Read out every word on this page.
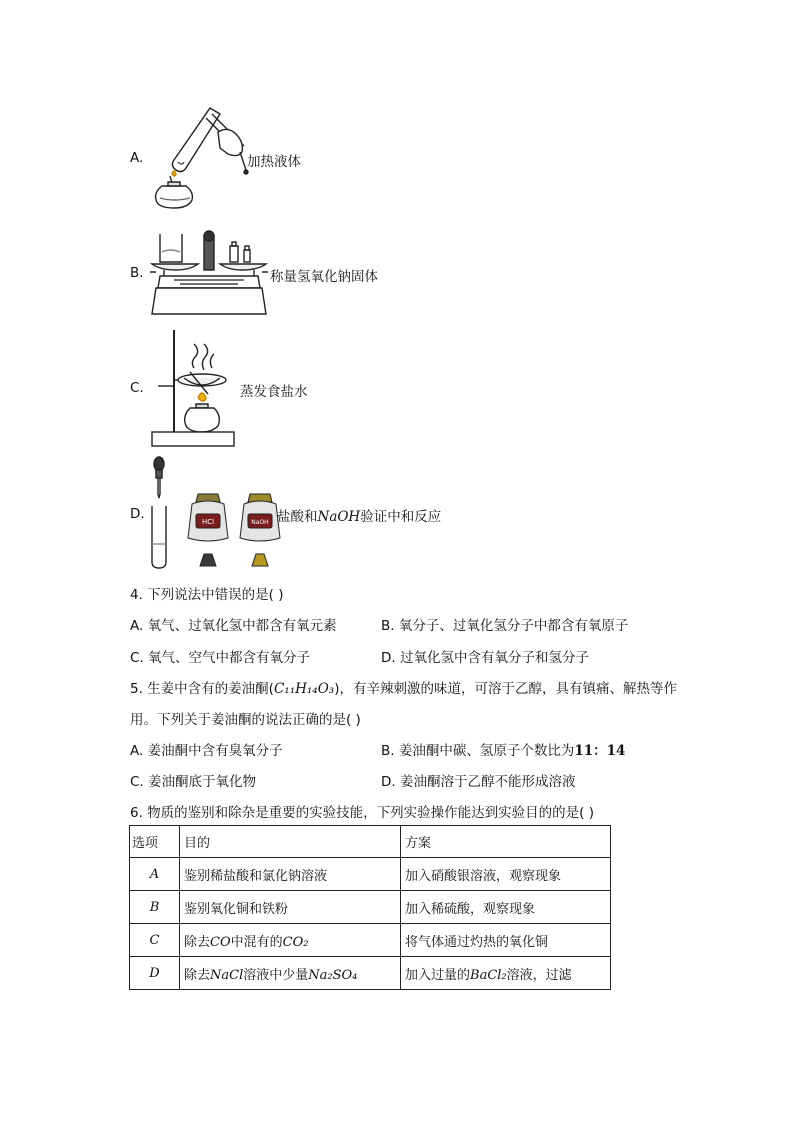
A.	加热液体
B.	称量氢氧化钠固体
C.	蒸发食盐水
D.	HCl	NaOH 盐酸和NaOH验证中和反应
4. 下列说法中错误的是( )
A. 氧气、过氧化氢中都含有氧元素	B. 氧分子、过氧化氢分子中都含有氧原子
C. 氧气、空气中都含有氧分子	D. 过氧化氢中含有氧分子和氢分子
5. 生姜中含有的姜油酮(C₁₁H₁₄O₃)，有辛辣刺激的味道，可溶于乙醇，具有镇痛、解热等作
用。下列关于姜油酮的说法正确的是( )
A. 姜油酮中含有臭氧分子	B. 姜油酮中碳、氢原子个数比为11：14
C. 姜油酮底于氧化物	D. 姜油酮溶于乙醇不能形成溶液
6. 物质的鉴别和除杂是重要的实验技能，下列实验操作能达到实验目的的是( )
选项	目的	方案
A	鉴别稀盐酸和氯化钠溶液	加入硝酸银溶液，观察现象
B	鉴别氧化铜和铁粉	加入稀硫酸，观察现象
C	除去CO中混有的CO₂	将气体通过灼热的氧化铜
D	除去NaCl溶液中少量Na₂SO₄	加入过量的BaCl₂溶液，过滤
